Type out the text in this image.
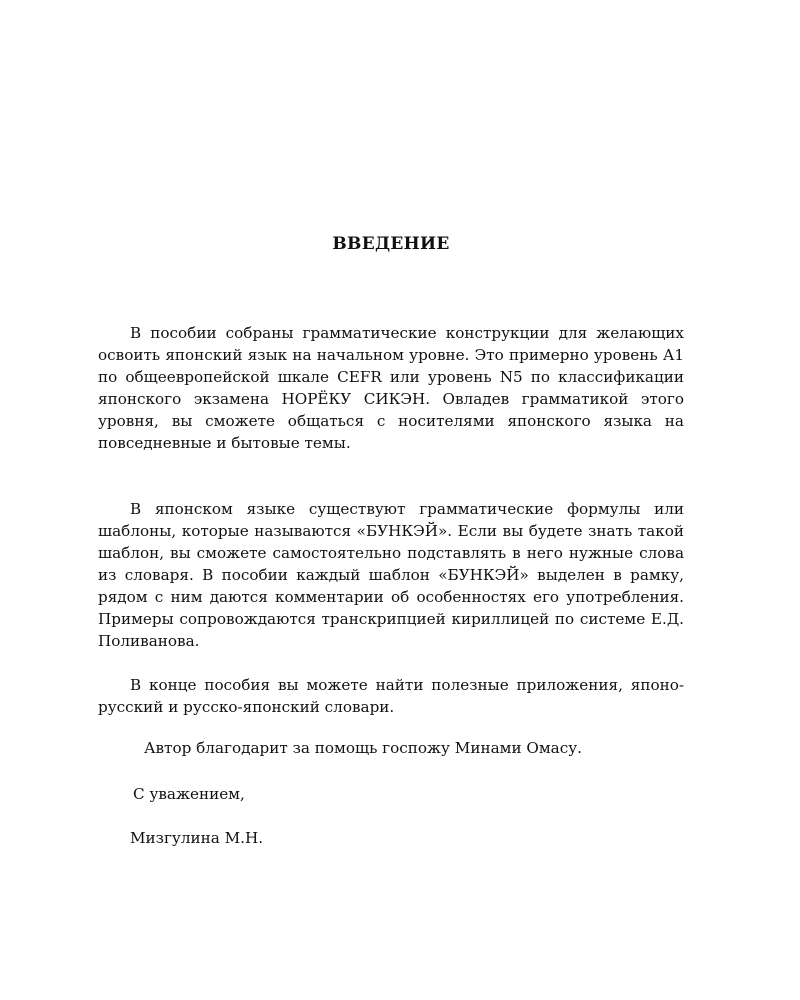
ВВЕДЕНИЕ

В пособии собраны грамматические конструкции для желающих освоить японский язык на начальном уровне. Это примерно уровень А1 по общеевропейской шкале CEFR или уровень N5 по классификации японского экзамена НОРЁКУ СИКЭН. Овладев грамматикой этого уровня, вы сможете общаться с носителями японского языка на повседневные и бытовые темы.

В японском языке существуют грамматические формулы или шаблоны, которые называются «БУНКЭЙ». Если вы будете знать такой шаблон, вы сможете самостоятельно подставлять в него нужные слова из словаря. В пособии каждый шаблон «БУНКЭЙ» выделен в рамку, рядом с ним даются комментарии об особенностях его употребления. Примеры сопровождаются транскрипцией кириллицей по системе Е.Д. Поливанова.

В конце пособия вы можете найти полезные приложения, японо-русский и русско-японский словари.

Автор благодарит за помощь госпожу Минами Омасу.

С уважением,

Мизгулина М.Н.
